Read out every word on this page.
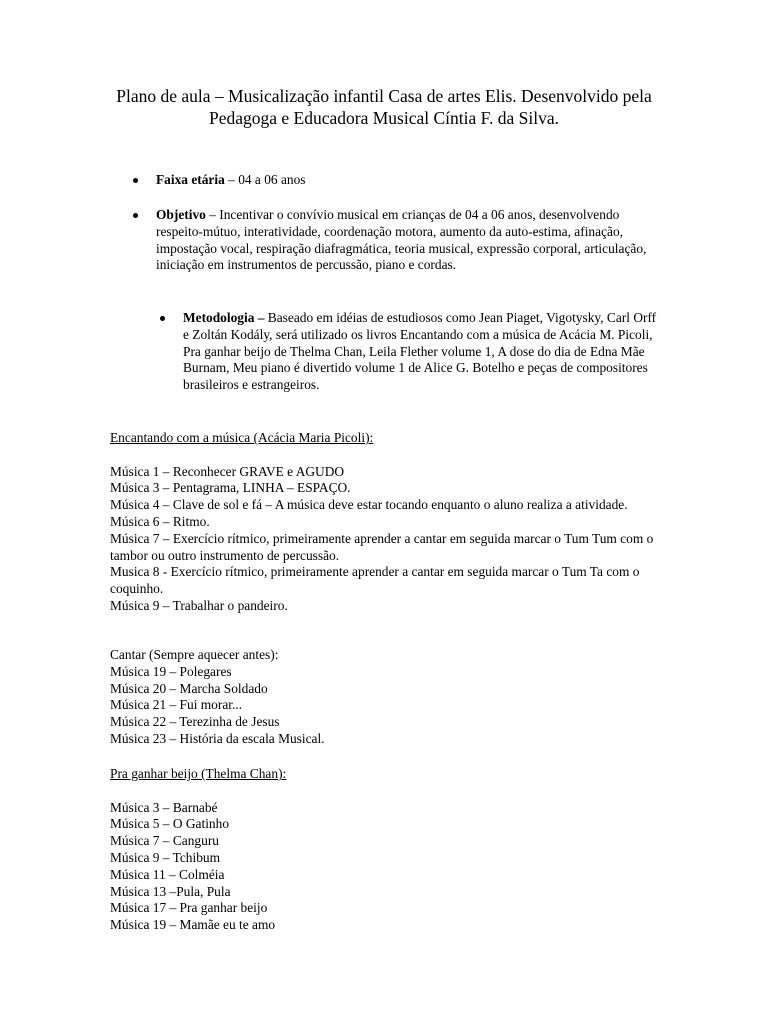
Plano de aula – Musicalização infantil Casa de artes Elis. Desenvolvido pela Pedagoga e Educadora Musical Cíntia F. da Silva.
Faixa etária – 04 a 06 anos
Objetivo – Incentivar o convívio musical em crianças de 04 a 06 anos, desenvolvendo respeito-mútuo, interatividade, coordenação motora, aumento da auto-estima, afinação, impostação vocal, respiração diafragmática, teoria musical, expressão corporal, articulação, iniciação em instrumentos de percussão, piano e cordas.
Metodologia – Baseado em idéias de estudiosos como Jean Piaget, Vigotysky, Carl Orff e Zoltán Kodály, será utilizado os livros Encantando com a música de Acácia M. Picoli, Pra ganhar beijo de Thelma Chan, Leila Flether volume 1, A dose do dia de Edna Mãe Burnam, Meu piano é divertido volume 1 de Alice G. Botelho e peças de compositores brasileiros e estrangeiros.
Encantando com a música (Acácia Maria Picoli):
Música 1 – Reconhecer GRAVE e AGUDO
Música 3 – Pentagrama, LINHA – ESPAÇO.
Música 4 – Clave de sol e fá – A música deve estar tocando enquanto o aluno realiza a atividade.
Música 6 – Ritmo.
Música 7 – Exercício rítmico, primeiramente aprender a cantar em seguida marcar o Tum Tum com o tambor ou outro instrumento de percussão.
Musica 8 - Exercício rítmico, primeiramente aprender a cantar em seguida marcar o Tum Ta com o coquinho.
Música 9 – Trabalhar o pandeiro.
Cantar (Sempre aquecer antes):
Música 19 – Polegares
Música 20 – Marcha Soldado
Música 21 – Fui morar...
Música 22 – Terezinha de Jesus
Música 23 – História da escala Musical.
Pra ganhar beijo (Thelma Chan):
Música 3 – Barnabé
Música 5 – O Gatinho
Música 7 – Canguru
Música 9 – Tchibum
Música 11 – Colméia
Música 13 –Pula, Pula
Música 17 – Pra ganhar beijo
Música 19 – Mamãe eu te amo
